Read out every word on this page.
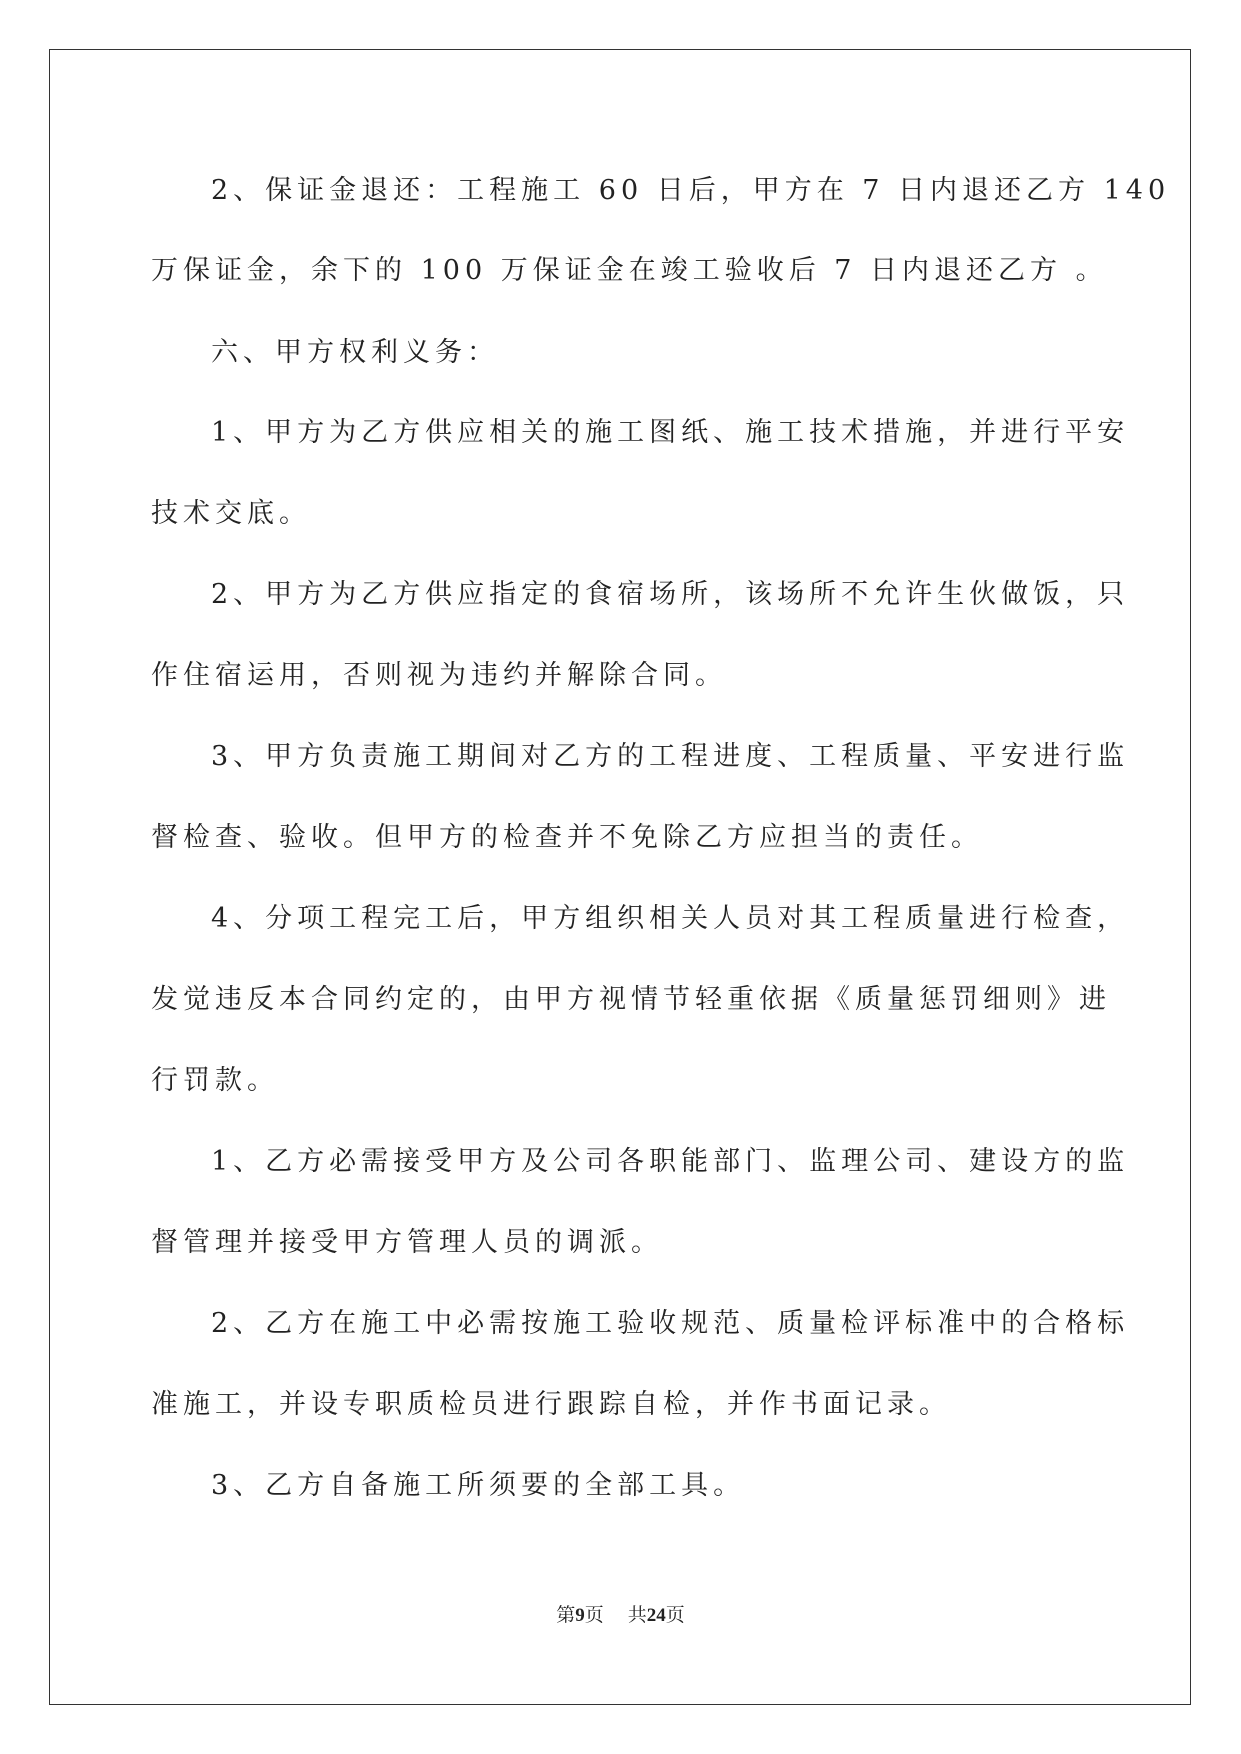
2、保证金退还：工程施工 60 日后，甲方在 7 日内退还乙方 140
万保证金，余下的 100 万保证金在竣工验收后 7 日内退还乙方 。
六、甲方权利义务：
1、甲方为乙方供应相关的施工图纸、施工技术措施，并进行平安
技术交底。
2、甲方为乙方供应指定的食宿场所，该场所不允许生伙做饭，只
作住宿运用，否则视为违约并解除合同。
3、甲方负责施工期间对乙方的工程进度、工程质量、平安进行监
督检查、验收。但甲方的检查并不免除乙方应担当的责任。
4、分项工程完工后，甲方组织相关人员对其工程质量进行检查，
发觉违反本合同约定的，由甲方视情节轻重依据《质量惩罚细则》进
行罚款。
1、乙方必需接受甲方及公司各职能部门、监理公司、建设方的监
督管理并接受甲方管理人员的调派。
2、乙方在施工中必需按施工验收规范、质量检评标准中的合格标
准施工，并设专职质检员进行跟踪自检，并作书面记录。
3、乙方自备施工所须要的全部工具。
第9页 共24页
